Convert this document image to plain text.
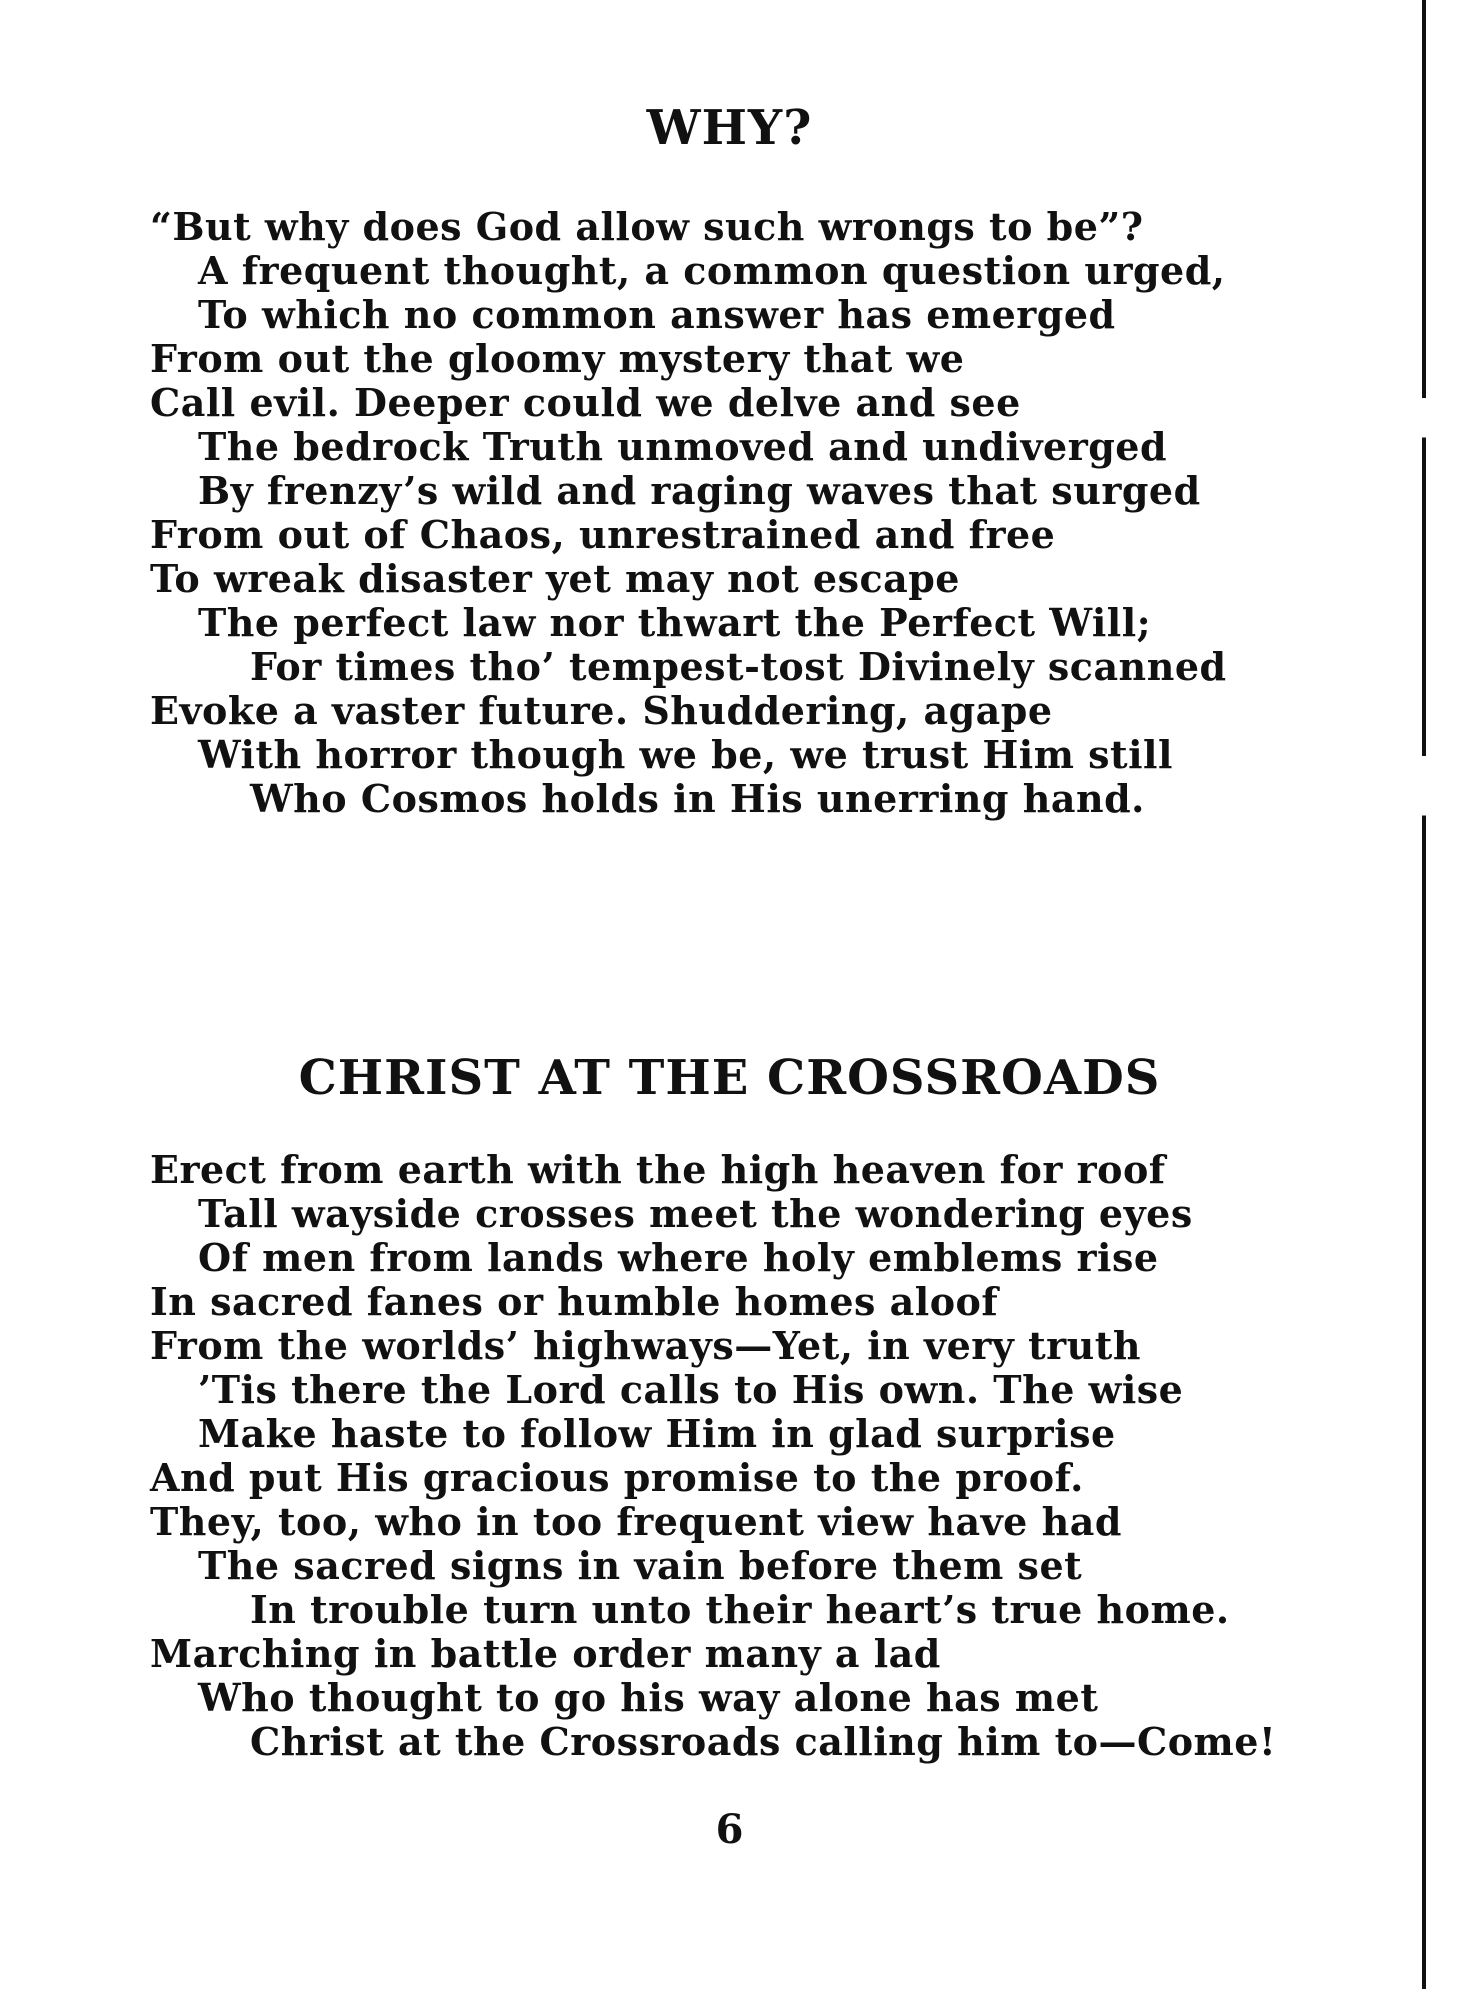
WHY?
“But why does God allow such wrongs to be”?
A frequent thought, a common question urged,
To which no common answer has emerged
From out the gloomy mystery that we
Call evil. Deeper could we delve and see
The bedrock Truth unmoved and undiverged
By frenzy’s wild and raging waves that surged
From out of Chaos, unrestrained and free
To wreak disaster yet may not escape
The perfect law nor thwart the Perfect Will;
For times tho’ tempest-tost Divinely scanned
Evoke a vaster future. Shuddering, agape
With horror though we be, we trust Him still
Who Cosmos holds in His unerring hand.
CHRIST AT THE CROSSROADS
Erect from earth with the high heaven for roof
Tall wayside crosses meet the wondering eyes
Of men from lands where holy emblems rise
In sacred fanes or humble homes aloof
From the worlds’ highways—Yet, in very truth
’Tis there the Lord calls to His own. The wise
Make haste to follow Him in glad surprise
And put His gracious promise to the proof.
They, too, who in too frequent view have had
The sacred signs in vain before them set
In trouble turn unto their heart’s true home.
Marching in battle order many a lad
Who thought to go his way alone has met
Christ at the Crossroads calling him to—Come!
6
